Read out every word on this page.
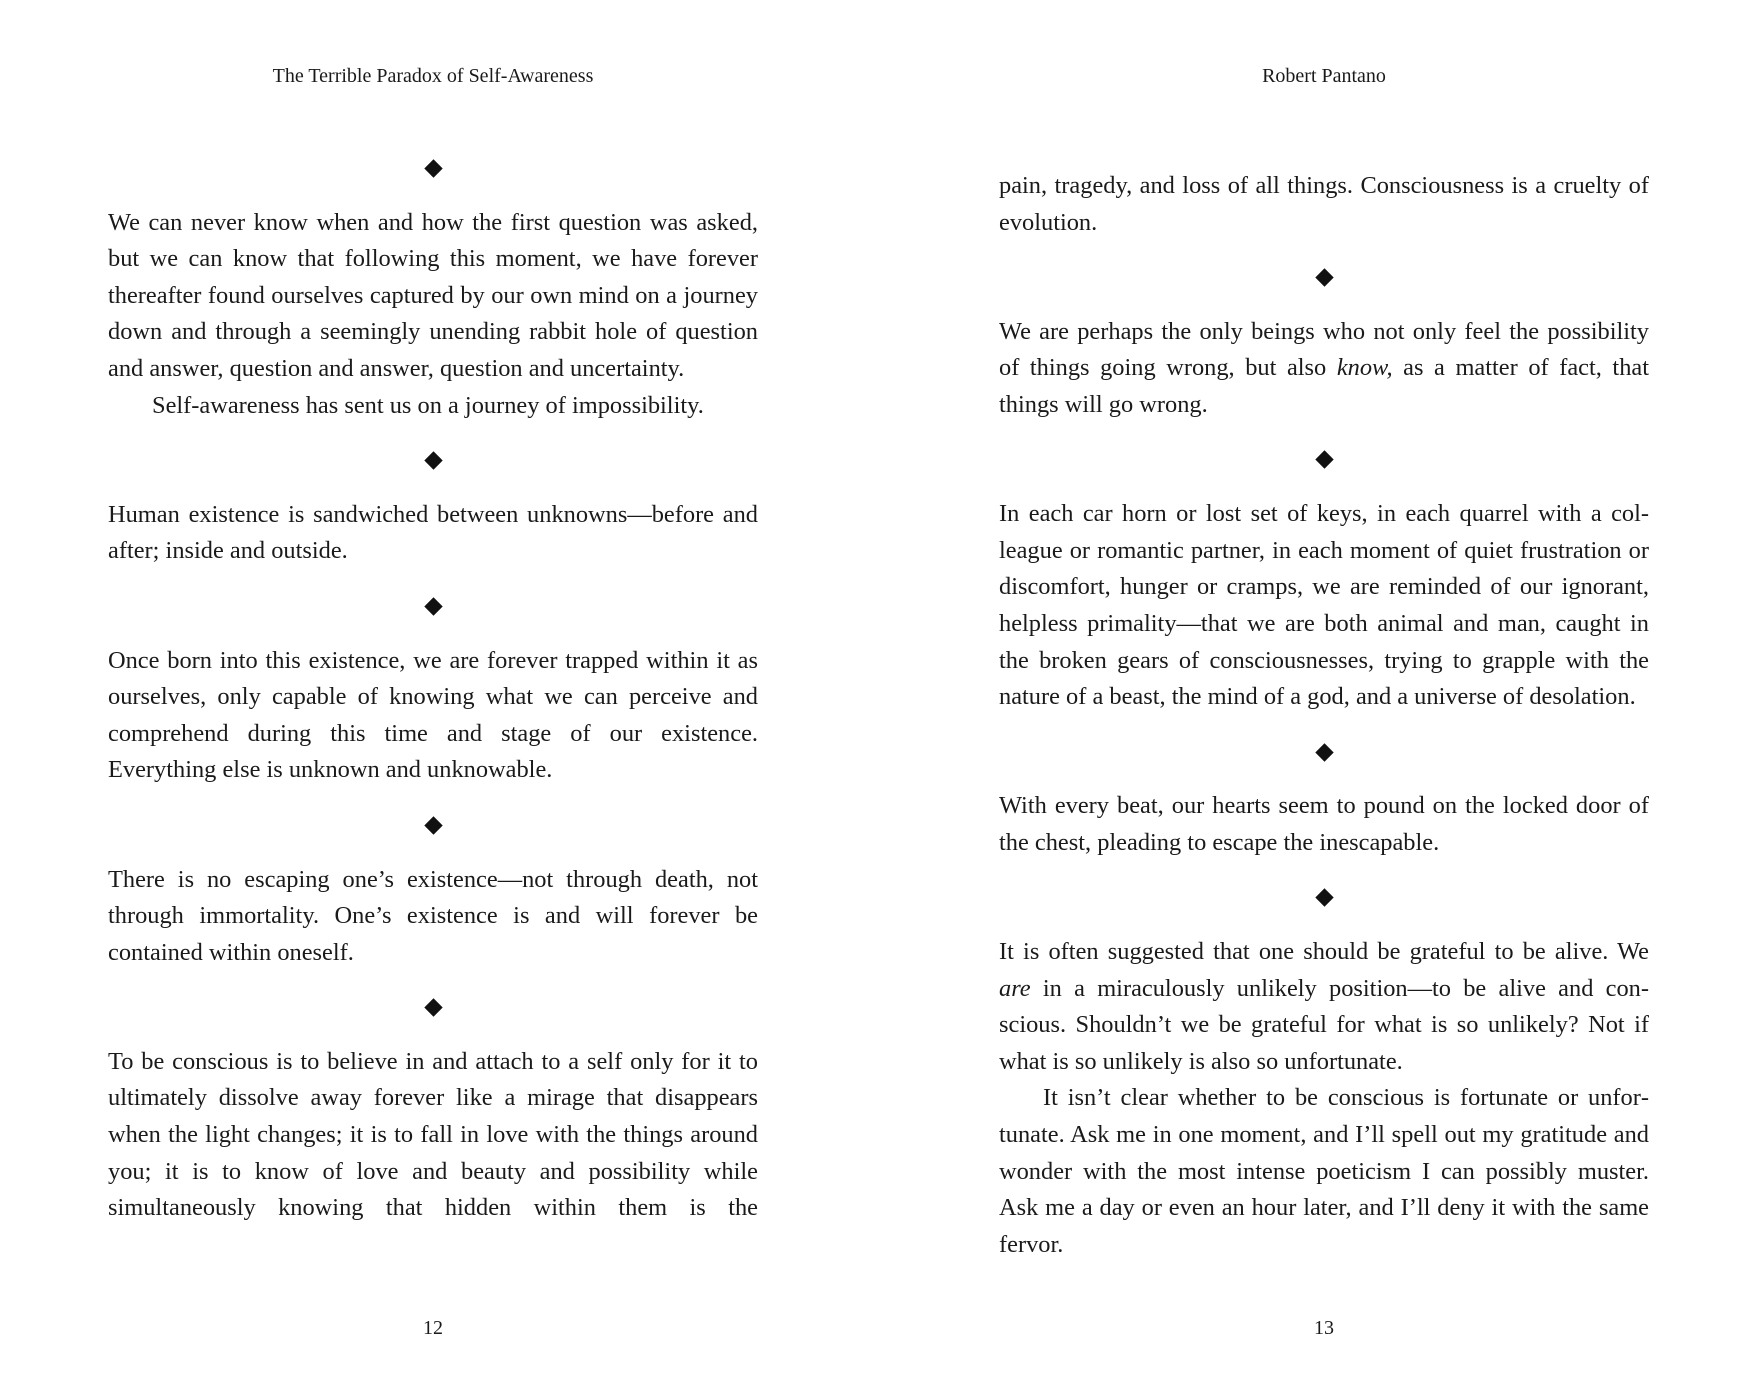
The Terrible Paradox of Self-Awareness

We can never know when and how the first question was asked, but we can know that following this moment, we have forever thereafter found ourselves captured by our own mind on a journey down and through a seemingly unending rabbit hole of question and answer, question and answer, question and uncertainty.

Self-awareness has sent us on a journey of impossibility.

Human existence is sandwiched between unknowns—before and after; inside and outside.

Once born into this existence, we are forever trapped within it as ourselves, only capable of knowing what we can perceive and comprehend during this time and stage of our existence. Everything else is unknown and unknowable.

There is no escaping one’s existence—not through death, not through immortality. One’s existence is and will forever be contained within oneself.

To be conscious is to believe in and attach to a self only for it to ultimately dissolve away forever like a mirage that disappears when the light changes; it is to fall in love with the things around you; it is to know of love and beauty and possibility while simultaneously knowing that hidden within them is the

12
Robert Pantano

pain, tragedy, and loss of all things. Consciousness is a cruelty of evolution.

We are perhaps the only beings who not only feel the possibility of things going wrong, but also know, as a matter of fact, that things will go wrong.

In each car horn or lost set of keys, in each quarrel with a colleague or romantic partner, in each moment of quiet frustration or discomfort, hunger or cramps, we are reminded of our ignorant, helpless primality—that we are both animal and man, caught in the broken gears of consciousnesses, trying to grapple with the nature of a beast, the mind of a god, and a universe of desolation.

With every beat, our hearts seem to pound on the locked door of the chest, pleading to escape the inescapable.

It is often suggested that one should be grateful to be alive. We are in a miraculously unlikely position—to be alive and conscious. Shouldn’t we be grateful for what is so unlikely? Not if what is so unlikely is also so unfortunate.

It isn’t clear whether to be conscious is fortunate or unfortunate. Ask me in one moment, and I’ll spell out my gratitude and wonder with the most intense poeticism I can possibly muster. Ask me a day or even an hour later, and I’ll deny it with the same fervor.

13
